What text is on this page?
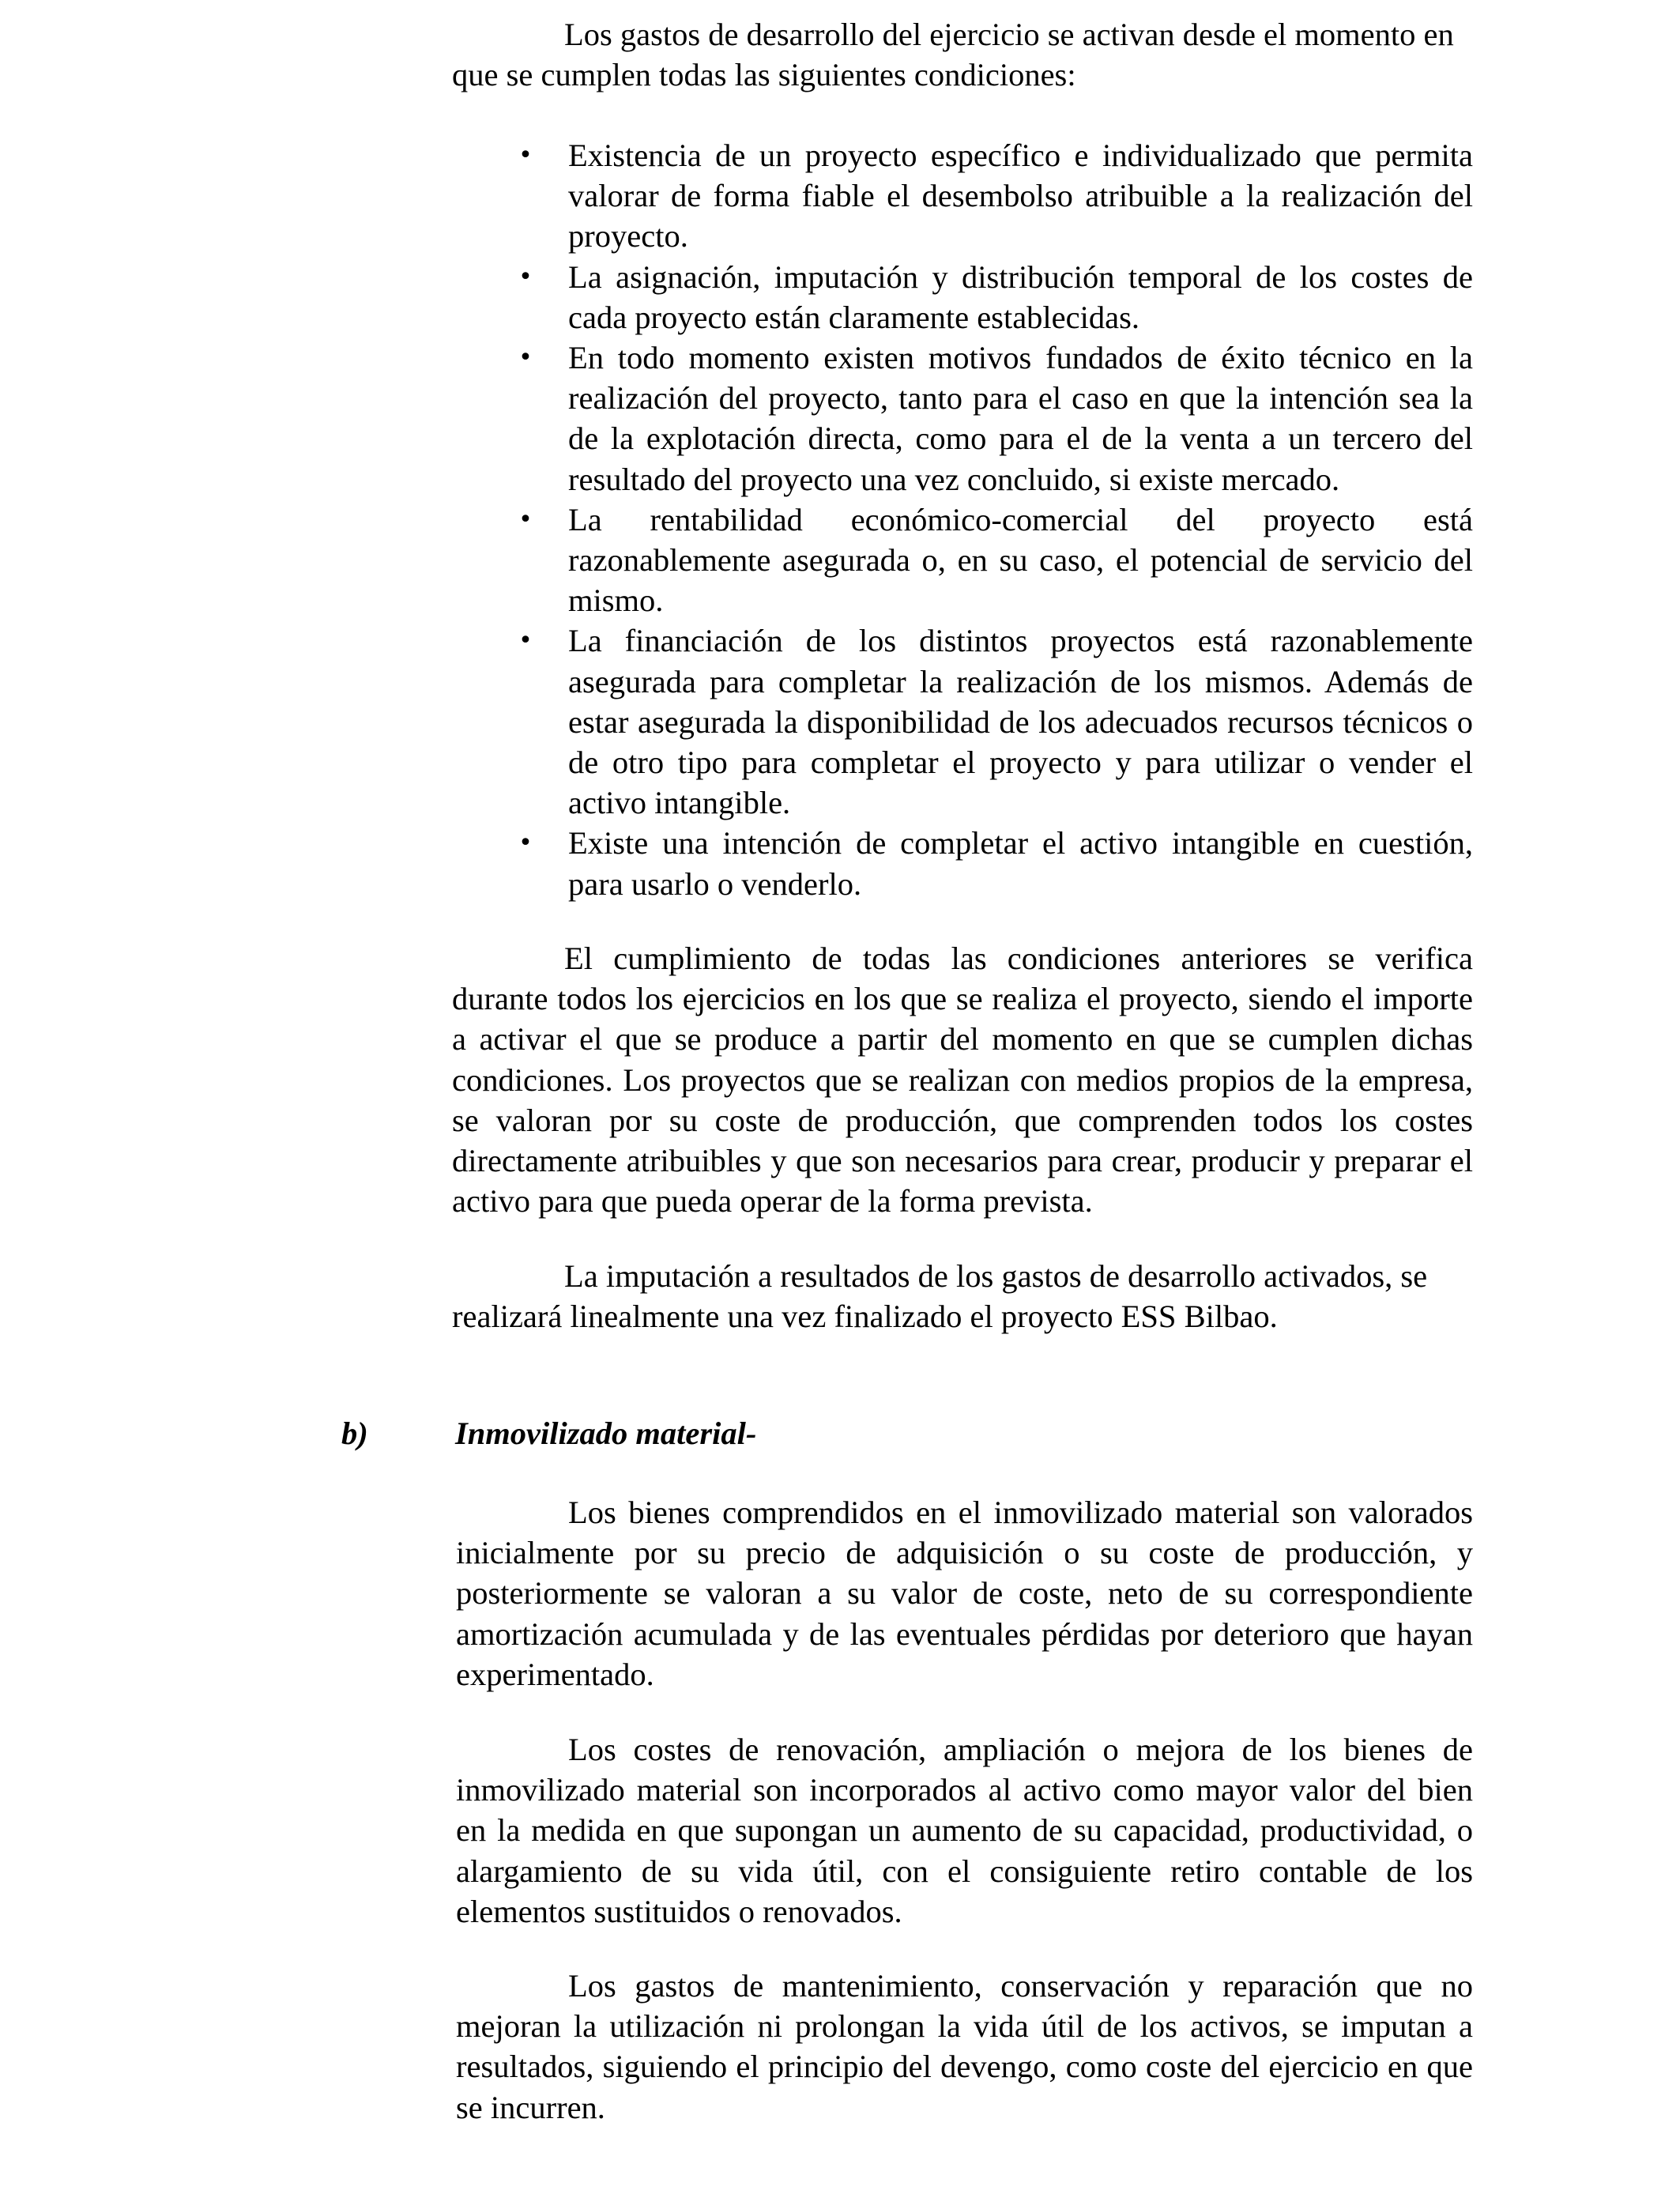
Los gastos de desarrollo del ejercicio se activan desde el momento en que se cumplen todas las siguientes condiciones:

• Existencia de un proyecto específico e individualizado que permita valorar de forma fiable el desembolso atribuible a la realización del proyecto.
• La asignación, imputación y distribución temporal de los costes de cada proyecto están claramente establecidas.
• En todo momento existen motivos fundados de éxito técnico en la realización del proyecto, tanto para el caso en que la intención sea la de la explotación directa, como para el de la venta a un tercero del resultado del proyecto una vez concluido, si existe mercado.
• La rentabilidad económico-comercial del proyecto está razonablemente asegurada o, en su caso, el potencial de servicio del mismo.
• La financiación de los distintos proyectos está razonablemente asegurada para completar la realización de los mismos. Además de estar asegurada la disponibilidad de los adecuados recursos técnicos o de otro tipo para completar el proyecto y para utilizar o vender el activo intangible.
• Existe una intención de completar el activo intangible en cuestión, para usarlo o venderlo.

El cumplimiento de todas las condiciones anteriores se verifica durante todos los ejercicios en los que se realiza el proyecto, siendo el importe a activar el que se produce a partir del momento en que se cumplen dichas condiciones. Los proyectos que se realizan con medios propios de la empresa, se valoran por su coste de producción, que comprenden todos los costes directamente atribuibles y que son necesarios para crear, producir y preparar el activo para que pueda operar de la forma prevista.

La imputación a resultados de los gastos de desarrollo activados, se realizará linealmente una vez finalizado el proyecto ESS Bilbao.

b)	Inmovilizado material-

Los bienes comprendidos en el inmovilizado material son valorados inicialmente por su precio de adquisición o su coste de producción, y posteriormente se valoran a su valor de coste, neto de su correspondiente amortización acumulada y de las eventuales pérdidas por deterioro que hayan experimentado.

Los costes de renovación, ampliación o mejora de los bienes de inmovilizado material son incorporados al activo como mayor valor del bien en la medida en que supongan un aumento de su capacidad, productividad, o alargamiento de su vida útil, con el consiguiente retiro contable de los elementos sustituidos o renovados.

Los gastos de mantenimiento, conservación y reparación que no mejoran la utilización ni prolongan la vida útil de los activos, se imputan a resultados, siguiendo el principio del devengo, como coste del ejercicio en que se incurren.
